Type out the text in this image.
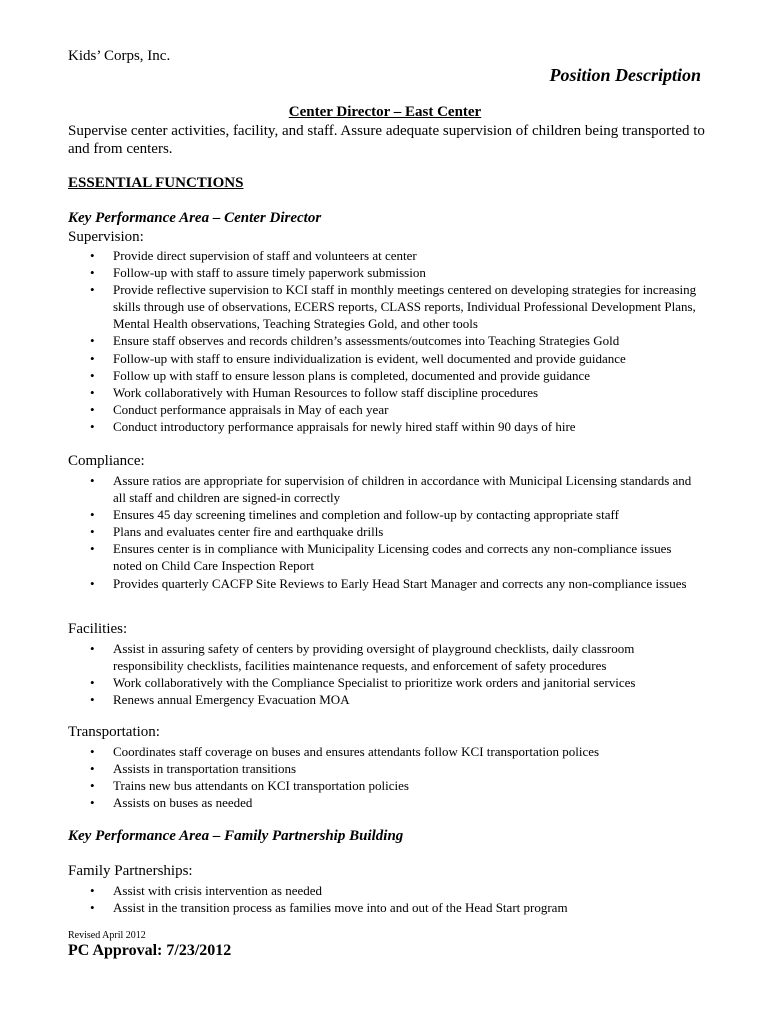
Kids’ Corps, Inc.
Position Description
Center Director – East Center
Supervise center activities, facility, and staff. Assure adequate supervision of children being transported to and from centers.
ESSENTIAL FUNCTIONS
Key Performance Area – Center Director
Supervision:
• Provide direct supervision of staff and volunteers at center
• Follow-up with staff to assure timely paperwork submission
• Provide reflective supervision to KCI staff in monthly meetings centered on developing strategies for increasing skills through use of observations, ECERS reports, CLASS reports, Individual Professional Development Plans, Mental Health observations, Teaching Strategies Gold, and other tools
• Ensure staff observes and records children’s assessments/outcomes into Teaching Strategies Gold
• Follow-up with staff to ensure individualization is evident, well documented and provide guidance
• Follow up with staff to ensure lesson plans is completed, documented and provide guidance
• Work collaboratively with Human Resources to follow staff discipline procedures
• Conduct performance appraisals in May of each year
• Conduct introductory performance appraisals for newly hired staff within 90 days of hire
Compliance:
• Assure ratios are appropriate for supervision of children in accordance with Municipal Licensing standards and all staff and children are signed-in correctly
• Ensures 45 day screening timelines and completion and follow-up by contacting appropriate staff
• Plans and evaluates center fire and earthquake drills
• Ensures center is in compliance with Municipality Licensing codes and corrects any non-compliance issues noted on Child Care Inspection Report
• Provides quarterly CACFP Site Reviews to Early Head Start Manager and corrects any non-compliance issues
Facilities:
• Assist in assuring safety of centers by providing oversight of playground checklists, daily classroom responsibility checklists, facilities maintenance requests, and enforcement of safety procedures
• Work collaboratively with the Compliance Specialist to prioritize work orders and janitorial services
• Renews annual Emergency Evacuation MOA
Transportation:
• Coordinates staff coverage on buses and ensures attendants follow KCI transportation polices
• Assists in transportation transitions
• Trains new bus attendants on KCI transportation policies
• Assists on buses as needed
Key Performance Area – Family Partnership Building
Family Partnerships:
• Assist with crisis intervention as needed
• Assist in the transition process as families move into and out of the Head Start program
Revised April 2012
PC Approval: 7/23/2012
